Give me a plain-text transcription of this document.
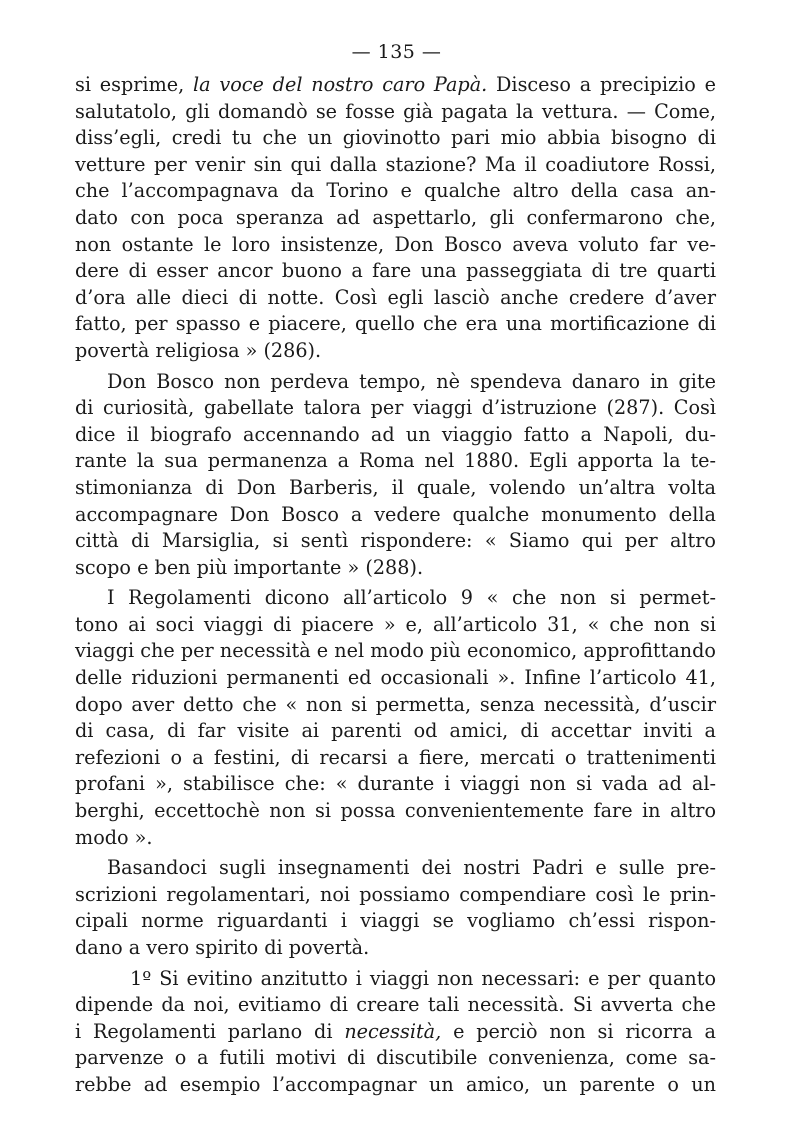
— 135 —
si esprime, la voce del nostro caro Papà. Disceso a precipizio e
salutatolo, gli domandò se fosse già pagata la vettura. — Come,
diss’egli, credi tu che un giovinotto pari mio abbia bisogno di
vetture per venir sin qui dalla stazione? Ma il coadiutore Rossi,
che l’accompagnava da Torino e qualche altro della casa an-
dato con poca speranza ad aspettarlo, gli confermarono che,
non ostante le loro insistenze, Don Bosco aveva voluto far ve-
dere di esser ancor buono a fare una passeggiata di tre quarti
d’ora alle dieci di notte. Così egli lasciò anche credere d’aver
fatto, per spasso e piacere, quello che era una mortificazione di
povertà religiosa » (286).
Don Bosco non perdeva tempo, nè spendeva danaro in gite
di curiosità, gabellate talora per viaggi d’istruzione (287). Così
dice il biografo accennando ad un viaggio fatto a Napoli, du-
rante la sua permanenza a Roma nel 1880. Egli apporta la te-
stimonianza di Don Barberis, il quale, volendo un’altra volta
accompagnare Don Bosco a vedere qualche monumento della
città di Marsiglia, si sentì rispondere: « Siamo qui per altro
scopo e ben più importante » (288).
I Regolamenti dicono all’articolo 9 « che non si permet-
tono ai soci viaggi di piacere » e, all’articolo 31, « che non si
viaggi che per necessità e nel modo più economico, approfittando
delle riduzioni permanenti ed occasionali ». Infine l’articolo 41,
dopo aver detto che « non si permetta, senza necessità, d’uscir
di casa, di far visite ai parenti od amici, di accettar inviti a
refezioni o a festini, di recarsi a fiere, mercati o trattenimenti
profani », stabilisce che: « durante i viaggi non si vada ad al-
berghi, eccettochè non si possa convenientemente fare in altro
modo ».
Basandoci sugli insegnamenti dei nostri Padri e sulle pre-
scrizioni regolamentari, noi possiamo compendiare così le prin-
cipali norme riguardanti i viaggi se vogliamo ch’essi rispon-
dano a vero spirito di povertà.
1º Si evitino anzitutto i viaggi non necessari: e per quanto
dipende da noi, evitiamo di creare tali necessità. Si avverta che
i Regolamenti parlano di necessità, e perciò non si ricorra a
parvenze o a futili motivi di discutibile convenienza, come sa-
rebbe ad esempio l’accompagnar un amico, un parente o un
